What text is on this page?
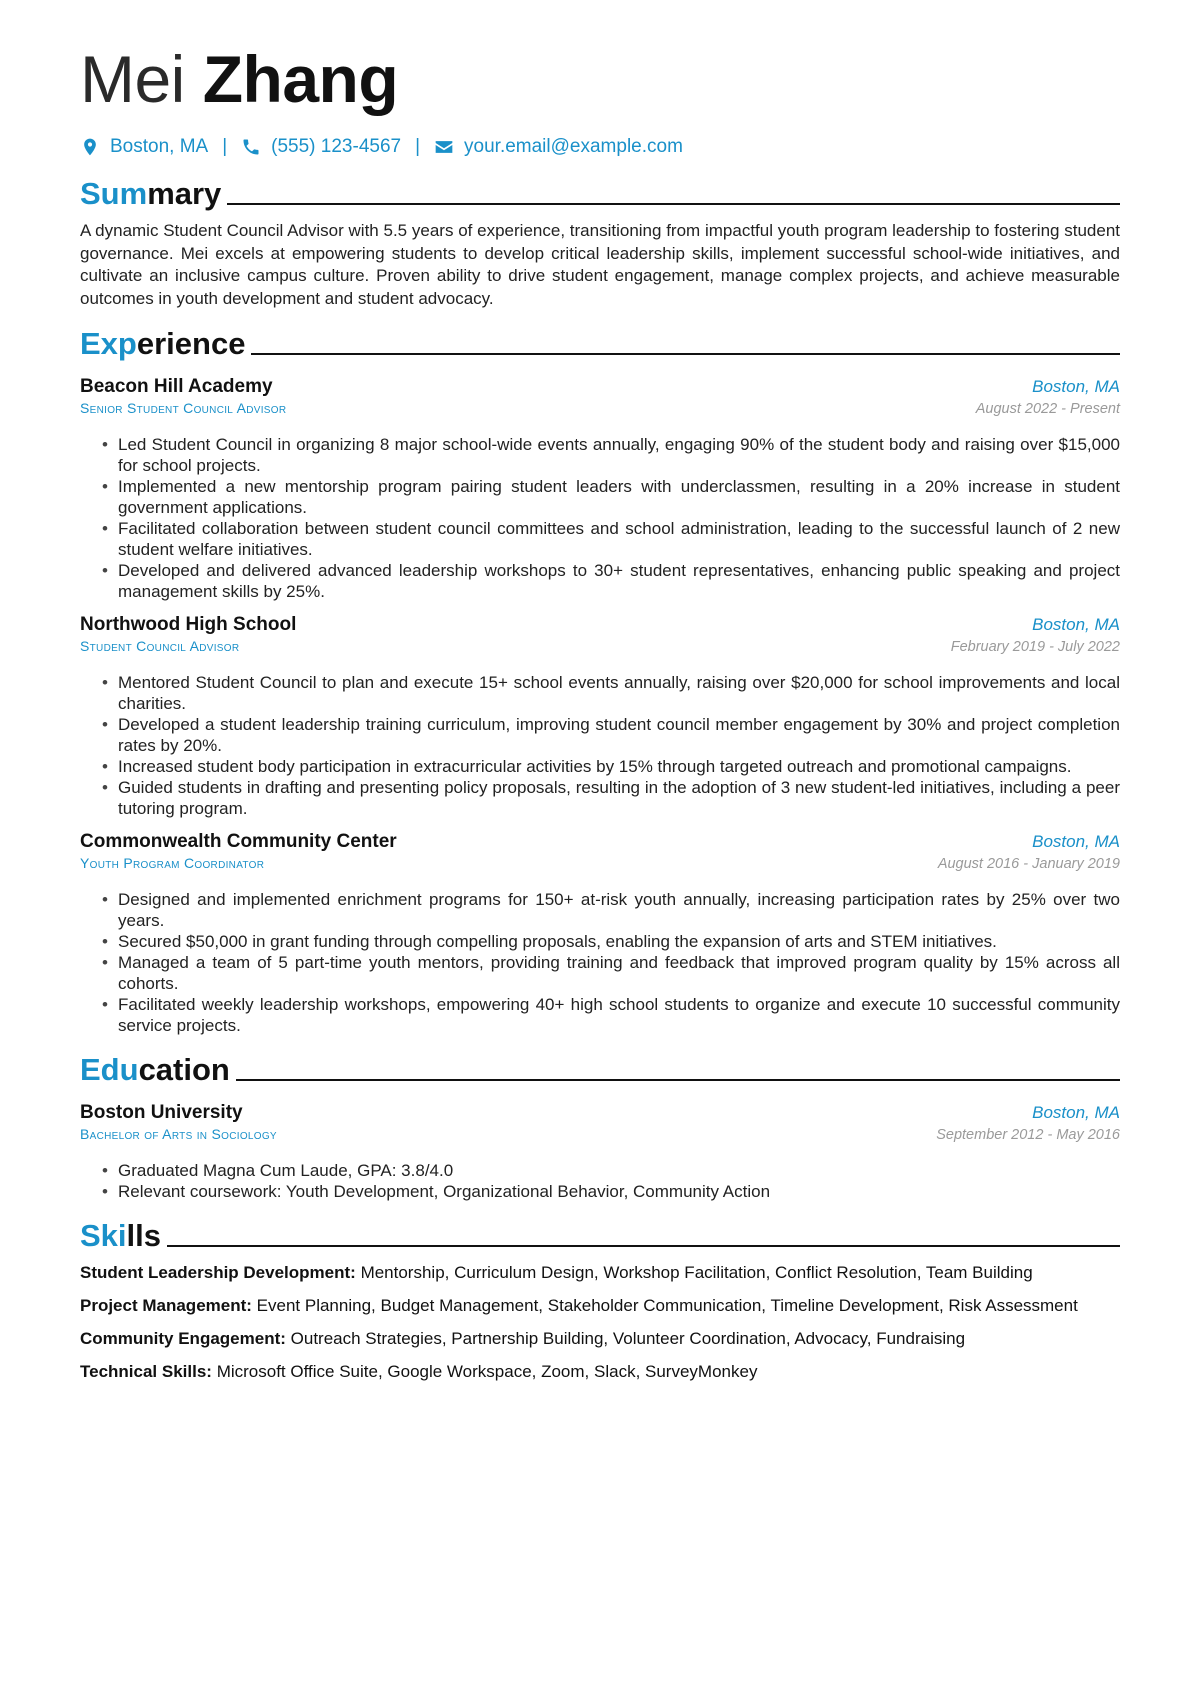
Mei Zhang
Boston, MA | (555) 123-4567 | your.email@example.com
Summary

A dynamic Student Council Advisor with 5.5 years of experience, transitioning from impactful youth program leadership to fostering student governance. Mei excels at empowering students to develop critical leadership skills, implement successful school-wide initiatives, and cultivate an inclusive campus culture. Proven ability to drive student engagement, manage complex projects, and achieve measurable outcomes in youth development and student advocacy.

Experience
Beacon Hill Academy	Boston, MA
Senior Student Council Advisor	August 2022 - Present
• Led Student Council in organizing 8 major school-wide events annually, engaging 90% of the student body and raising over $15,000 for school projects.
• Implemented a new mentorship program pairing student leaders with underclassmen, resulting in a 20% increase in student government applications.
• Facilitated collaboration between student council committees and school administration, leading to the successful launch of 2 new student welfare initiatives.
• Developed and delivered advanced leadership workshops to 30+ student representatives, enhancing public speaking and project management skills by 25%.
Northwood High School	Boston, MA
Student Council Advisor	February 2019 - July 2022
• Mentored Student Council to plan and execute 15+ school events annually, raising over $20,000 for school improvements and local charities.
• Developed a student leadership training curriculum, improving student council member engagement by 30% and project completion rates by 20%.
• Increased student body participation in extracurricular activities by 15% through targeted outreach and promotional campaigns.
• Guided students in drafting and presenting policy proposals, resulting in the adoption of 3 new student-led initiatives, including a peer tutoring program.
Commonwealth Community Center	Boston, MA
Youth Program Coordinator	August 2016 - January 2019
• Designed and implemented enrichment programs for 150+ at-risk youth annually, increasing participation rates by 25% over two years.
• Secured $50,000 in grant funding through compelling proposals, enabling the expansion of arts and STEM initiatives.
• Managed a team of 5 part-time youth mentors, providing training and feedback that improved program quality by 15% across all cohorts.
• Facilitated weekly leadership workshops, empowering 40+ high school students to organize and execute 10 successful community service projects.
Education
Boston University	Boston, MA
Bachelor of Arts in Sociology	September 2012 - May 2016
• Graduated Magna Cum Laude, GPA: 3.8/4.0
• Relevant coursework: Youth Development, Organizational Behavior, Community Action
Skills
Student Leadership Development: Mentorship, Curriculum Design, Workshop Facilitation, Conflict Resolution, Team Building
Project Management: Event Planning, Budget Management, Stakeholder Communication, Timeline Development, Risk Assessment
Community Engagement: Outreach Strategies, Partnership Building, Volunteer Coordination, Advocacy, Fundraising
Technical Skills: Microsoft Office Suite, Google Workspace, Zoom, Slack, SurveyMonkey
